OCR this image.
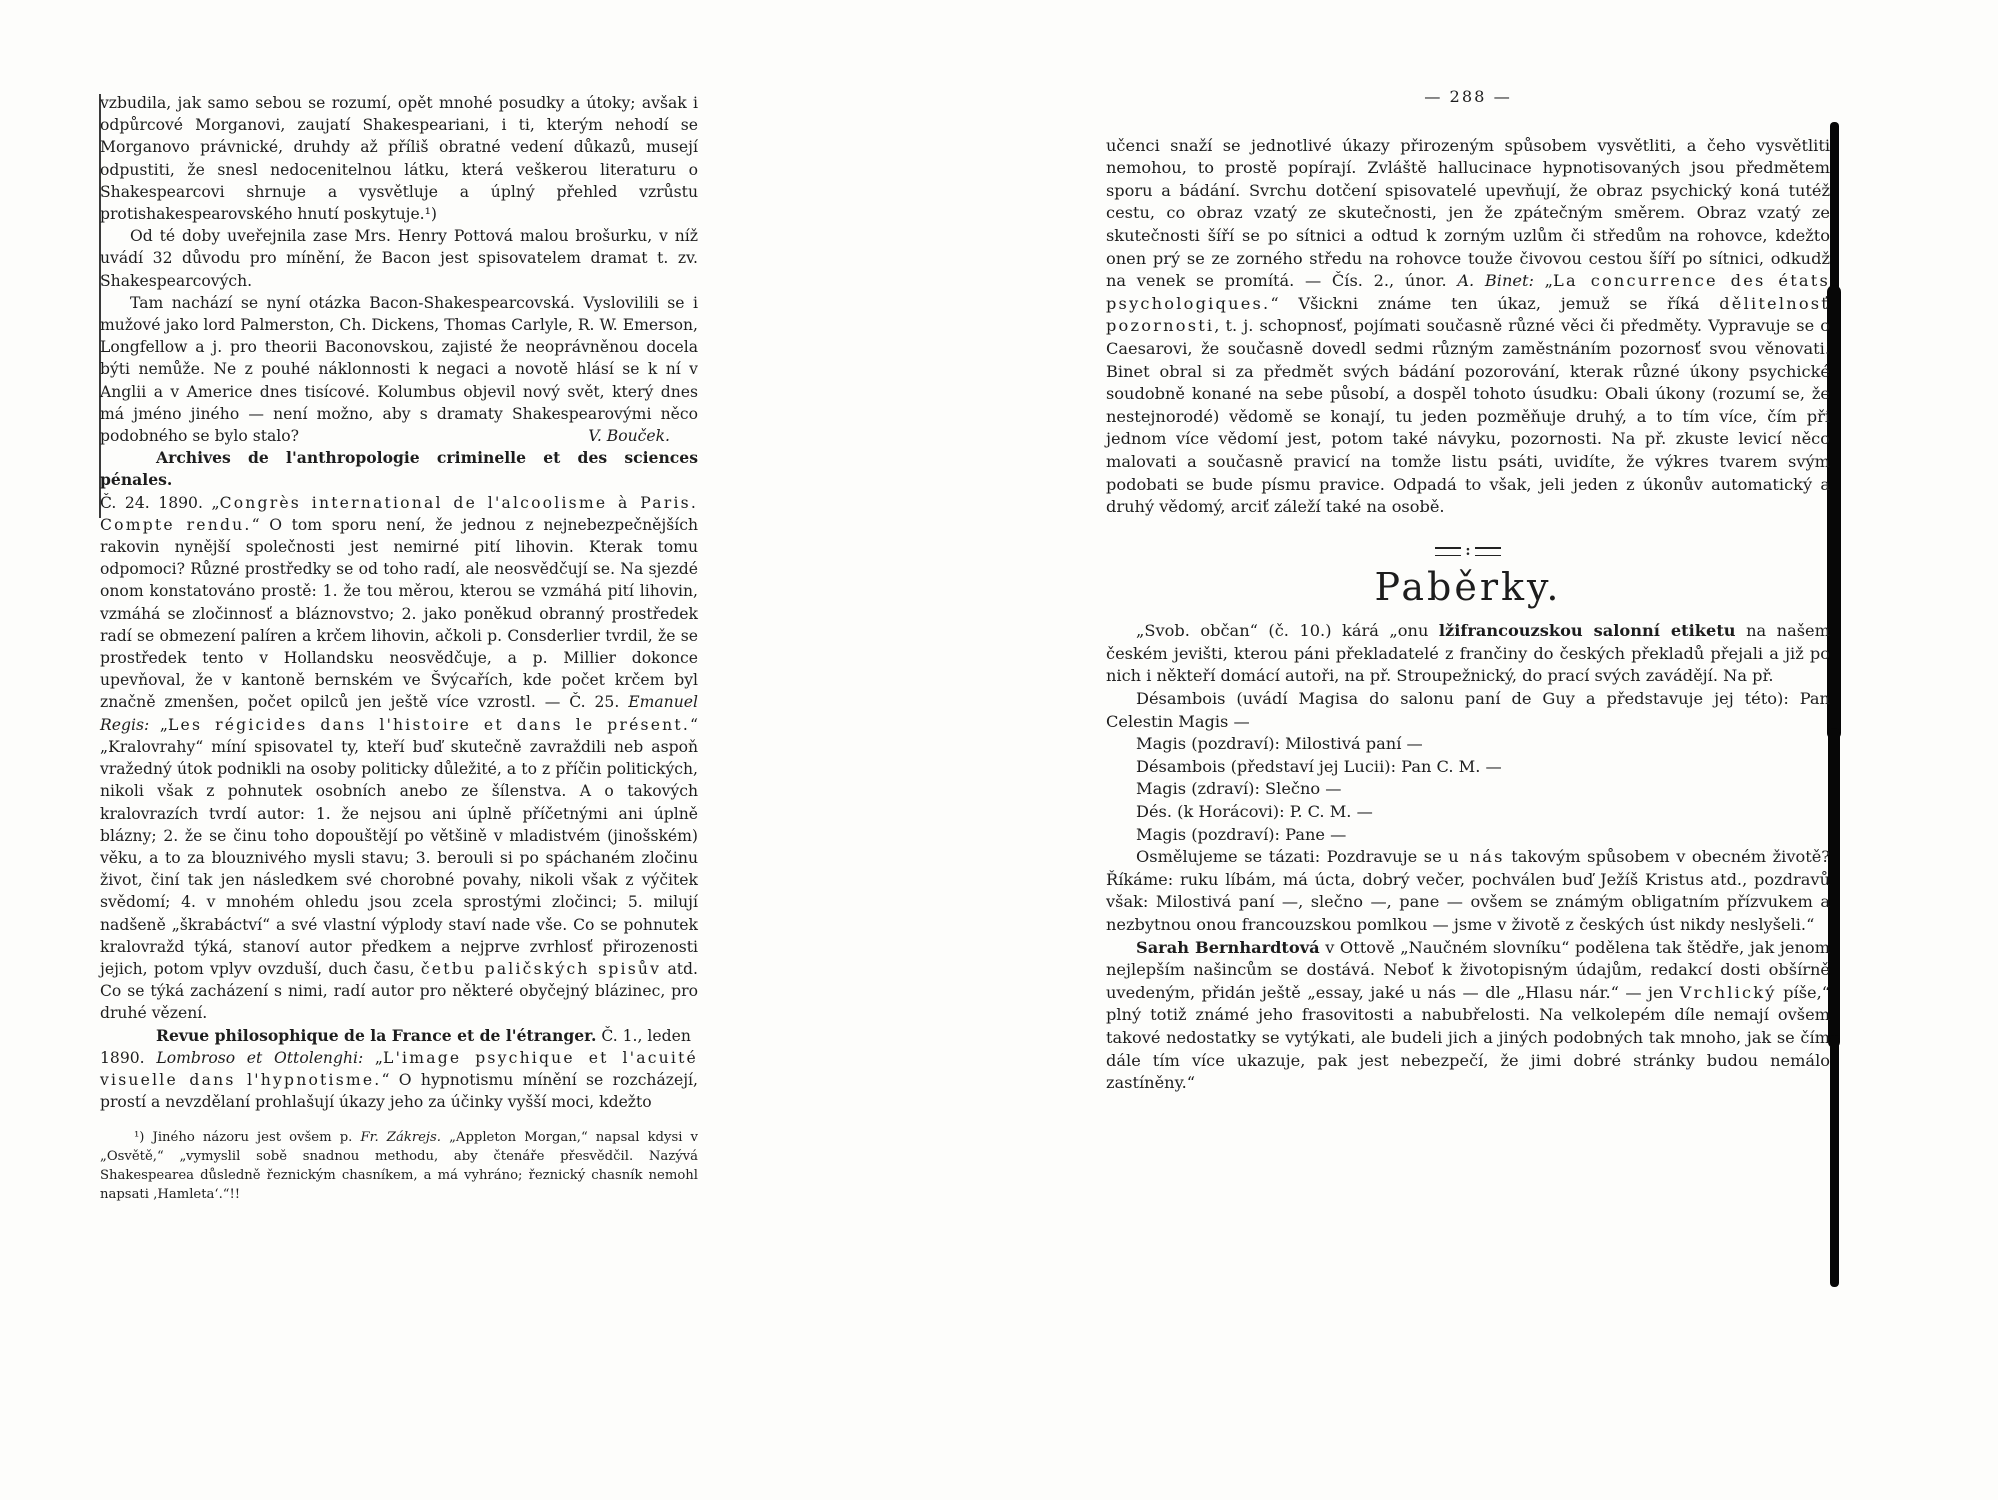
vzbudila, jak samo sebou se rozumí, opět mnohé posudky a útoky; avšak i odpůrcové Morganovi, zaujatí Shakespeariani, i ti, kterým nehodí se Morganovo právnické, druhdy až příliš obratné vedení důkazů, musejí odpustiti, že snesl nedocenitelnou látku, která veškerou literaturu o Shakespearcovi shrnuje a vysvětluje a úplný přehled vzrůstu protishakespearovského hnutí poskytuje.¹)

Od té doby uveřejnila zase Mrs. Henry Pottová malou brošurku, v níž uvádí 32 důvodu pro mínění, že Bacon jest spisovatelem dramat t. zv. Shakespearcových.

Tam nachází se nyní otázka Bacon-Shakespearcovská. Vyslovilili se i mužové jako lord Palmerston, Ch. Dickens, Thomas Carlyle, R. W. Emerson, Longfellow a j. pro theorii Baconovskou, zajisté že neoprávněnou docela býti nemůže. Ne z pouhé náklonnosti k negaci a novotě hlásí se k ní v Anglii a v Americe dnes tisícové. Kolumbus objevil nový svět, který dnes má jméno jiného — není možno, aby s dramaty Shakespearovými něco podobného se bylo stalo?	V. Bouček.

Archives de l'anthropologie criminelle et des sciences pénales.

Č. 24. 1890. „Congrès international de l'alcoolisme à Paris. Compte rendu.“ O tom sporu není, že jednou z nejnebezpečnějších rakovin nynější společnosti jest nemirné pití lihovin. Kterak tomu odpomoci? Různé prostředky se od toho radí, ale neosvědčují se. Na sjezdé onom konstatováno prostě: 1. že tou měrou, kterou se vzmáhá pití lihovin, vzmáhá se zločinnosť a bláznovstvo; 2. jako poněkud obranný prostředek radí se obmezení palíren a krčem lihovin, ačkoli p. Consderlier tvrdil, že se prostředek tento v Hollandsku neosvědčuje, a p. Millier dokonce upevňoval, že v kantoně bernském ve Švýcařích, kde počet krčem byl značně zmenšen, počet opilců jen ještě více vzrostl. — Č. 25. Emanuel Regis: „Les régicides dans l'histoire et dans le présent.“ „Kralovrahy“ míní spisovatel ty, kteří buď skutečně zavraždili neb aspoň vražedný útok podnikli na osoby politicky důležité, a to z příčin politických, nikoli však z pohnutek osobních anebo ze šílenstva. A o takových kralovrazích tvrdí autor: 1. že nejsou ani úplně příčetnými ani úplně blázny; 2. že se činu toho dopouštějí po většině v mladistvém (jinošském) věku, a to za blouznivého mysli stavu; 3. berouli si po spáchaném zločinu život, činí tak jen následkem své chorobné povahy, nikoli však z výčitek svědomí; 4. v mnohém ohledu jsou zcela sprostými zločinci; 5. milují nadšeně „škrabáctví“ a své vlastní výplody staví nade vše. Co se pohnutek kralovražd týká, stanoví autor předkem a nejprve zvrhlosť přirozenosti jejich, potom vplyv ovzduší, duch času, četbu paličských spisův atd. Co se týká zacházení s nimi, radí autor pro některé obyčejný blázinec, pro druhé vězení.

Revue philosophique de la France et de l'étranger. Č. 1., leden

1890. Lombroso et Ottolenghi: „L'image psychique et l'acuité visuelle dans l'hypnotisme.“ O hypnotismu mínění se rozcházejí, prostí a nevzdělaní prohlašují úkazy jeho za účinky vyšší moci, kdežto

¹) Jiného názoru jest ovšem p. Fr. Zákrejs. „Appleton Morgan,“ napsal kdysi v „Osvětě,“ „vymyslil sobě snadnou methodu, aby čtenáře přesvědčil. Nazývá Shakespearea důsledně řeznickým chasníkem, a má vyhráno; řeznický chasník nemohl napsati ‚Hamleta‘.“!!

— 288 —

učenci snaží se jednotlivé úkazy přirozeným spůsobem vysvětliti, a čeho vysvětliti nemohou, to prostě popírají. Zvláště hallucinace hypnotisovaných jsou předmětem sporu a bádání. Svrchu dotčení spisovatelé upevňují, že obraz psychický koná tutéž cestu, co obraz vzatý ze skutečnosti, jen že zpátečným směrem. Obraz vzatý ze skutečnosti šíří se po sítnici a odtud k zorným uzlům či středům na rohovce, kdežto onen prý se ze zorného středu na rohovce touže čivovou cestou šíří po sítnici, odkudž na venek se promítá. — Čís. 2., únor. A. Binet: „La concurrence des états psychologiques.“ Všickni známe ten úkaz, jemuž se říká dělitelnosť pozornosti, t. j. schopnosť, pojímati současně různé věci či předměty. Vypravuje se o Caesarovi, že současně dovedl sedmi různým zaměstnáním pozornosť svou věnovati. Binet obral si za předmět svých bádání pozorování, kterak různé úkony psychické soudobně konané na sebe působí, a dospěl tohoto úsudku: Obali úkony (rozumí se, že nestejnorodé) vědomě se konají, tu jeden pozměňuje druhý, a to tím více, čím při jednom více vědomí jest, potom také návyku, pozornosti. Na př. zkuste levicí něco malovati a současně pravicí na tomže listu psáti, uvidíte, že výkres tvarem svým podobati se bude písmu pravice. Odpadá to však, jeli jeden z úkonův automatický a druhý vědomý, arciť záleží také na osobě.

:
Paběrky.

„Svob. občan“ (č. 10.) kárá „onu lžifrancouzskou salonní etiketu na našem českém jevišti, kterou páni překladatelé z frančiny do českých překladů přejali a již po nich i někteří domácí autoři, na př. Stroupežnický, do prací svých zavádějí. Na př.

Désambois (uvádí Magisa do salonu paní de Guy a představuje jej této): Pan Celestin Magis —

Magis (pozdraví): Milostivá paní —

Désambois (představí jej Lucii): Pan C. M. —

Magis (zdraví): Slečno —

Dés. (k Horácovi): P. C. M. —

Magis (pozdraví): Pane —

Osmělujeme se tázati: Pozdravuje se u nás takovým spůsobem v obecném životě? Říkáme: ruku líbám, má úcta, dobrý večer, pochválen buď Ježíš Kristus atd., pozdravů však: Milostivá paní —, slečno —, pane — ovšem se známým obligatním přízvukem a nezbytnou onou francouzskou pomlkou — jsme v životě z českých úst nikdy neslyšeli.“

Sarah Bernhardtová v Ottově „Naučném slovníku“ podělena tak štědře, jak jenom nejlepším našincům se dostává. Neboť k životopisným údajům, redakcí dosti obšírně uvedeným, přidán ještě „essay, jaké u nás — dle „Hlasu nár.“ — jen Vrchlický píše,“ plný totiž známé jeho frasovitosti a nabubřelosti. Na velkolepém díle nemají ovšem takové nedostatky se vytýkati, ale budeli jich a jiných podobných tak mnoho, jak se čím dále tím více ukazuje, pak jest nebezpečí, že jimi dobré stránky budou nemálo zastíněny.“
